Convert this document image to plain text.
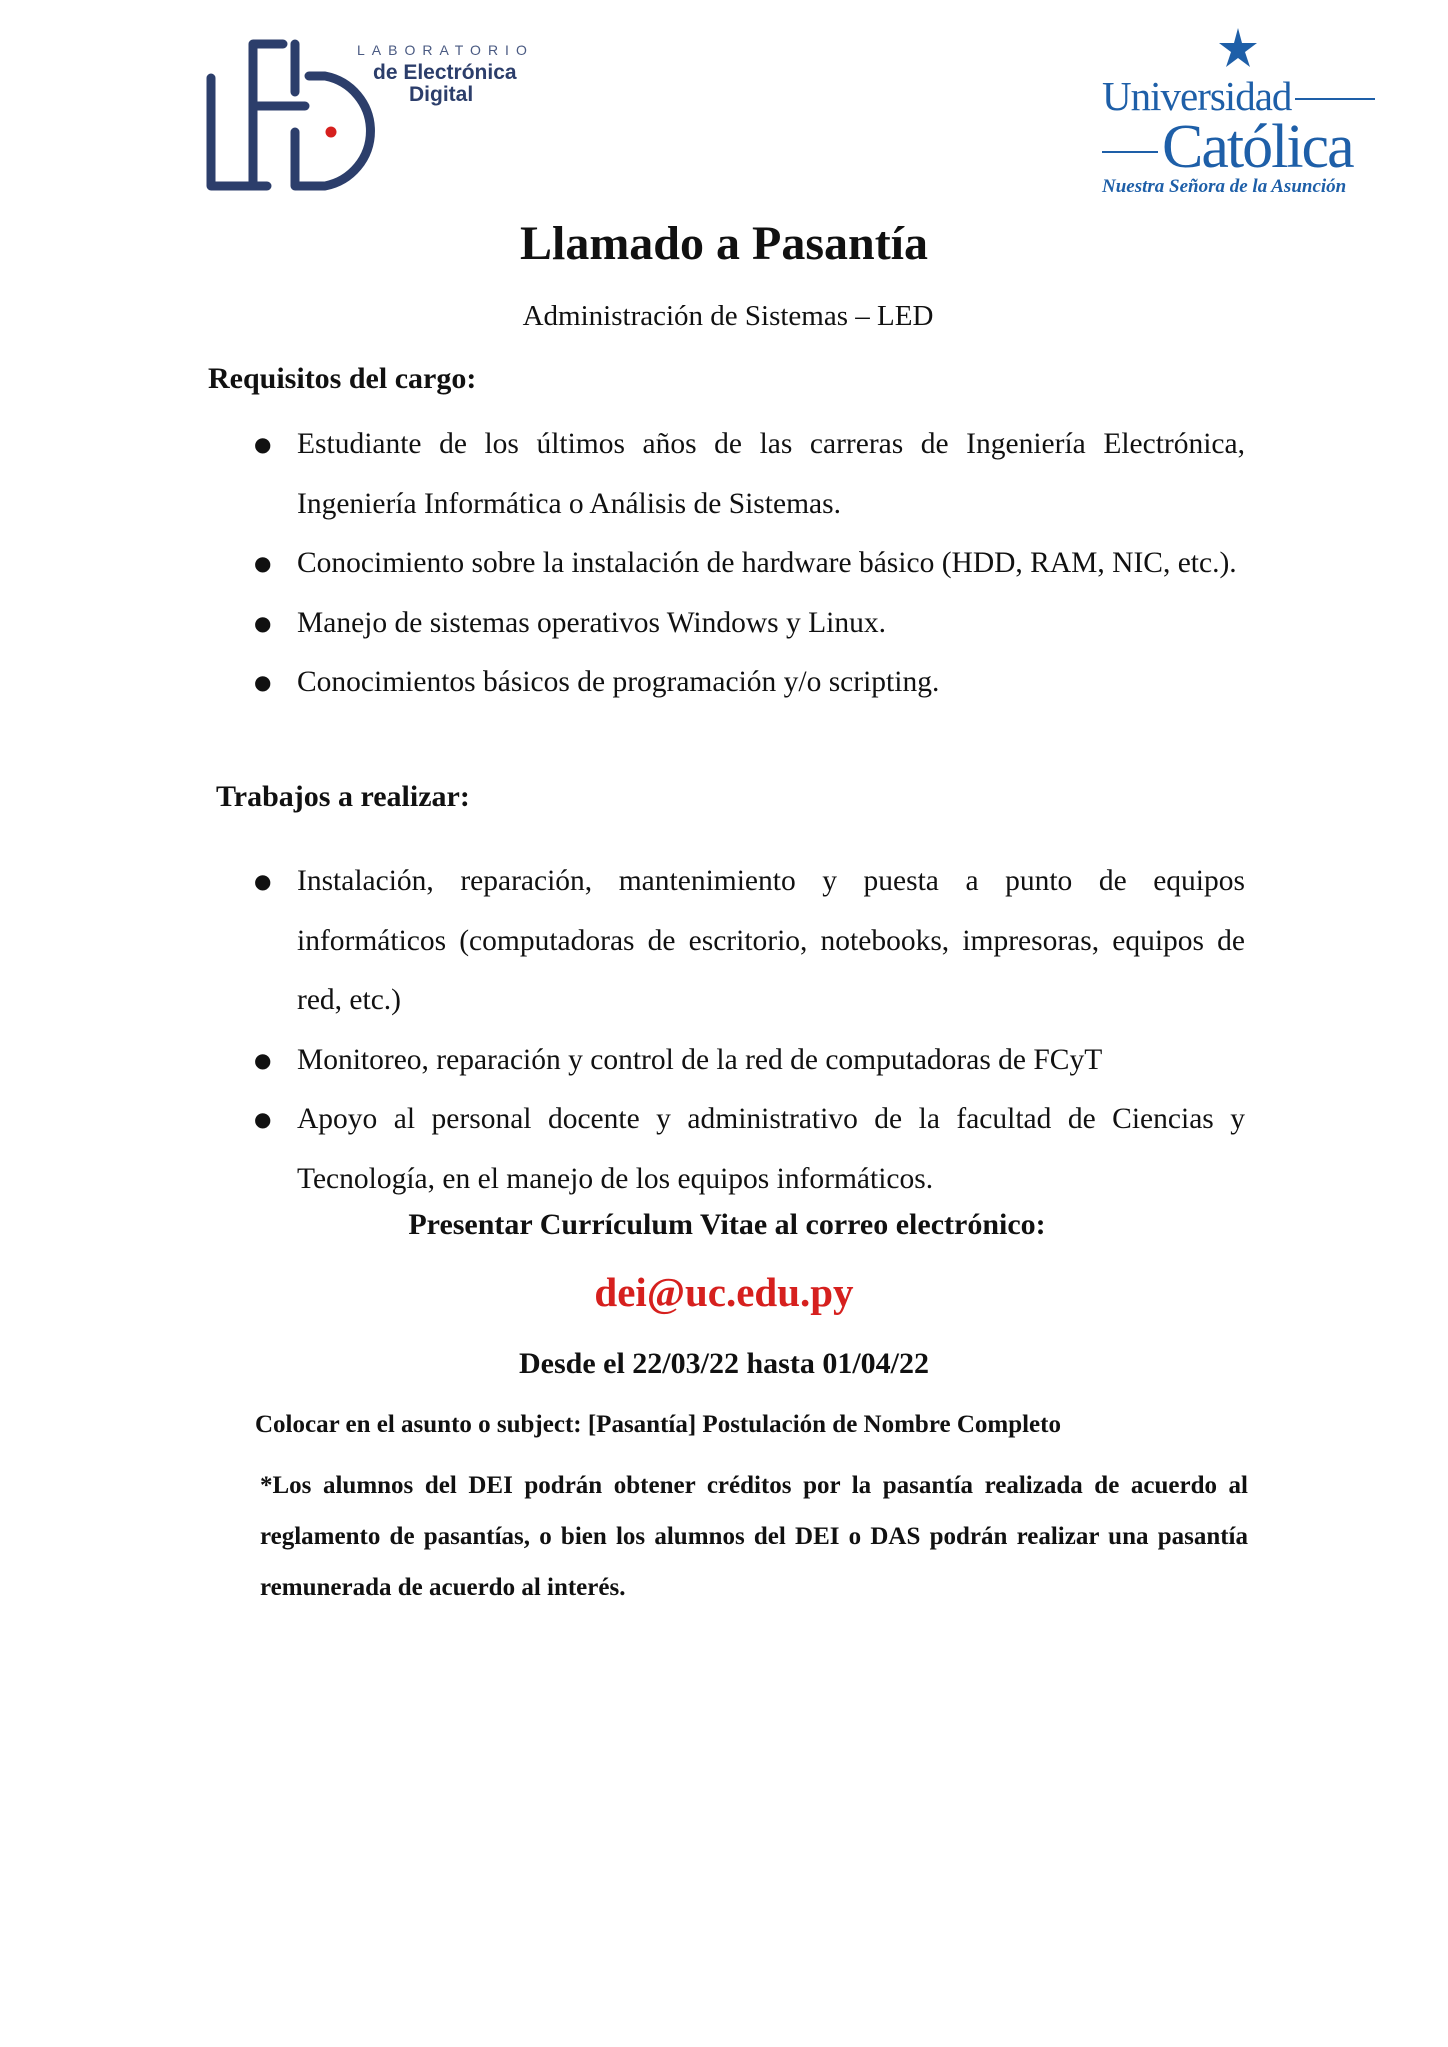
LABORATORIO
de Electrónica
Digital	Universidad
Católica
Nuestra Señora de la Asunción
Llamado a Pasantía
Administración de Sistemas – LED
Requisitos del cargo:
● Estudiante de los últimos años de las carreras de Ingeniería Electrónica, Ingeniería Informática o Análisis de Sistemas.
● Conocimiento sobre la instalación de hardware básico (HDD, RAM, NIC, etc.).
● Manejo de sistemas operativos Windows y Linux.
● Conocimientos básicos de programación y/o scripting.
Trabajos a realizar:
● Instalación, reparación, mantenimiento y puesta a punto de equipos informáticos (computadoras de escritorio, notebooks, impresoras, equipos de red, etc.)
● Monitoreo, reparación y control de la red de computadoras de FCyT
● Apoyo al personal docente y administrativo de la facultad de Ciencias y Tecnología, en el manejo de los equipos informáticos.
Presentar Currículum Vitae al correo electrónico:
dei@uc.edu.py
Desde el 22/03/22 hasta 01/04/22
Colocar en el asunto o subject: [Pasantía] Postulación de Nombre Completo
*Los alumnos del DEI podrán obtener créditos por la pasantía realizada de acuerdo al reglamento de pasantías, o bien los alumnos del DEI o DAS podrán realizar una pasantía remunerada de acuerdo al interés.
